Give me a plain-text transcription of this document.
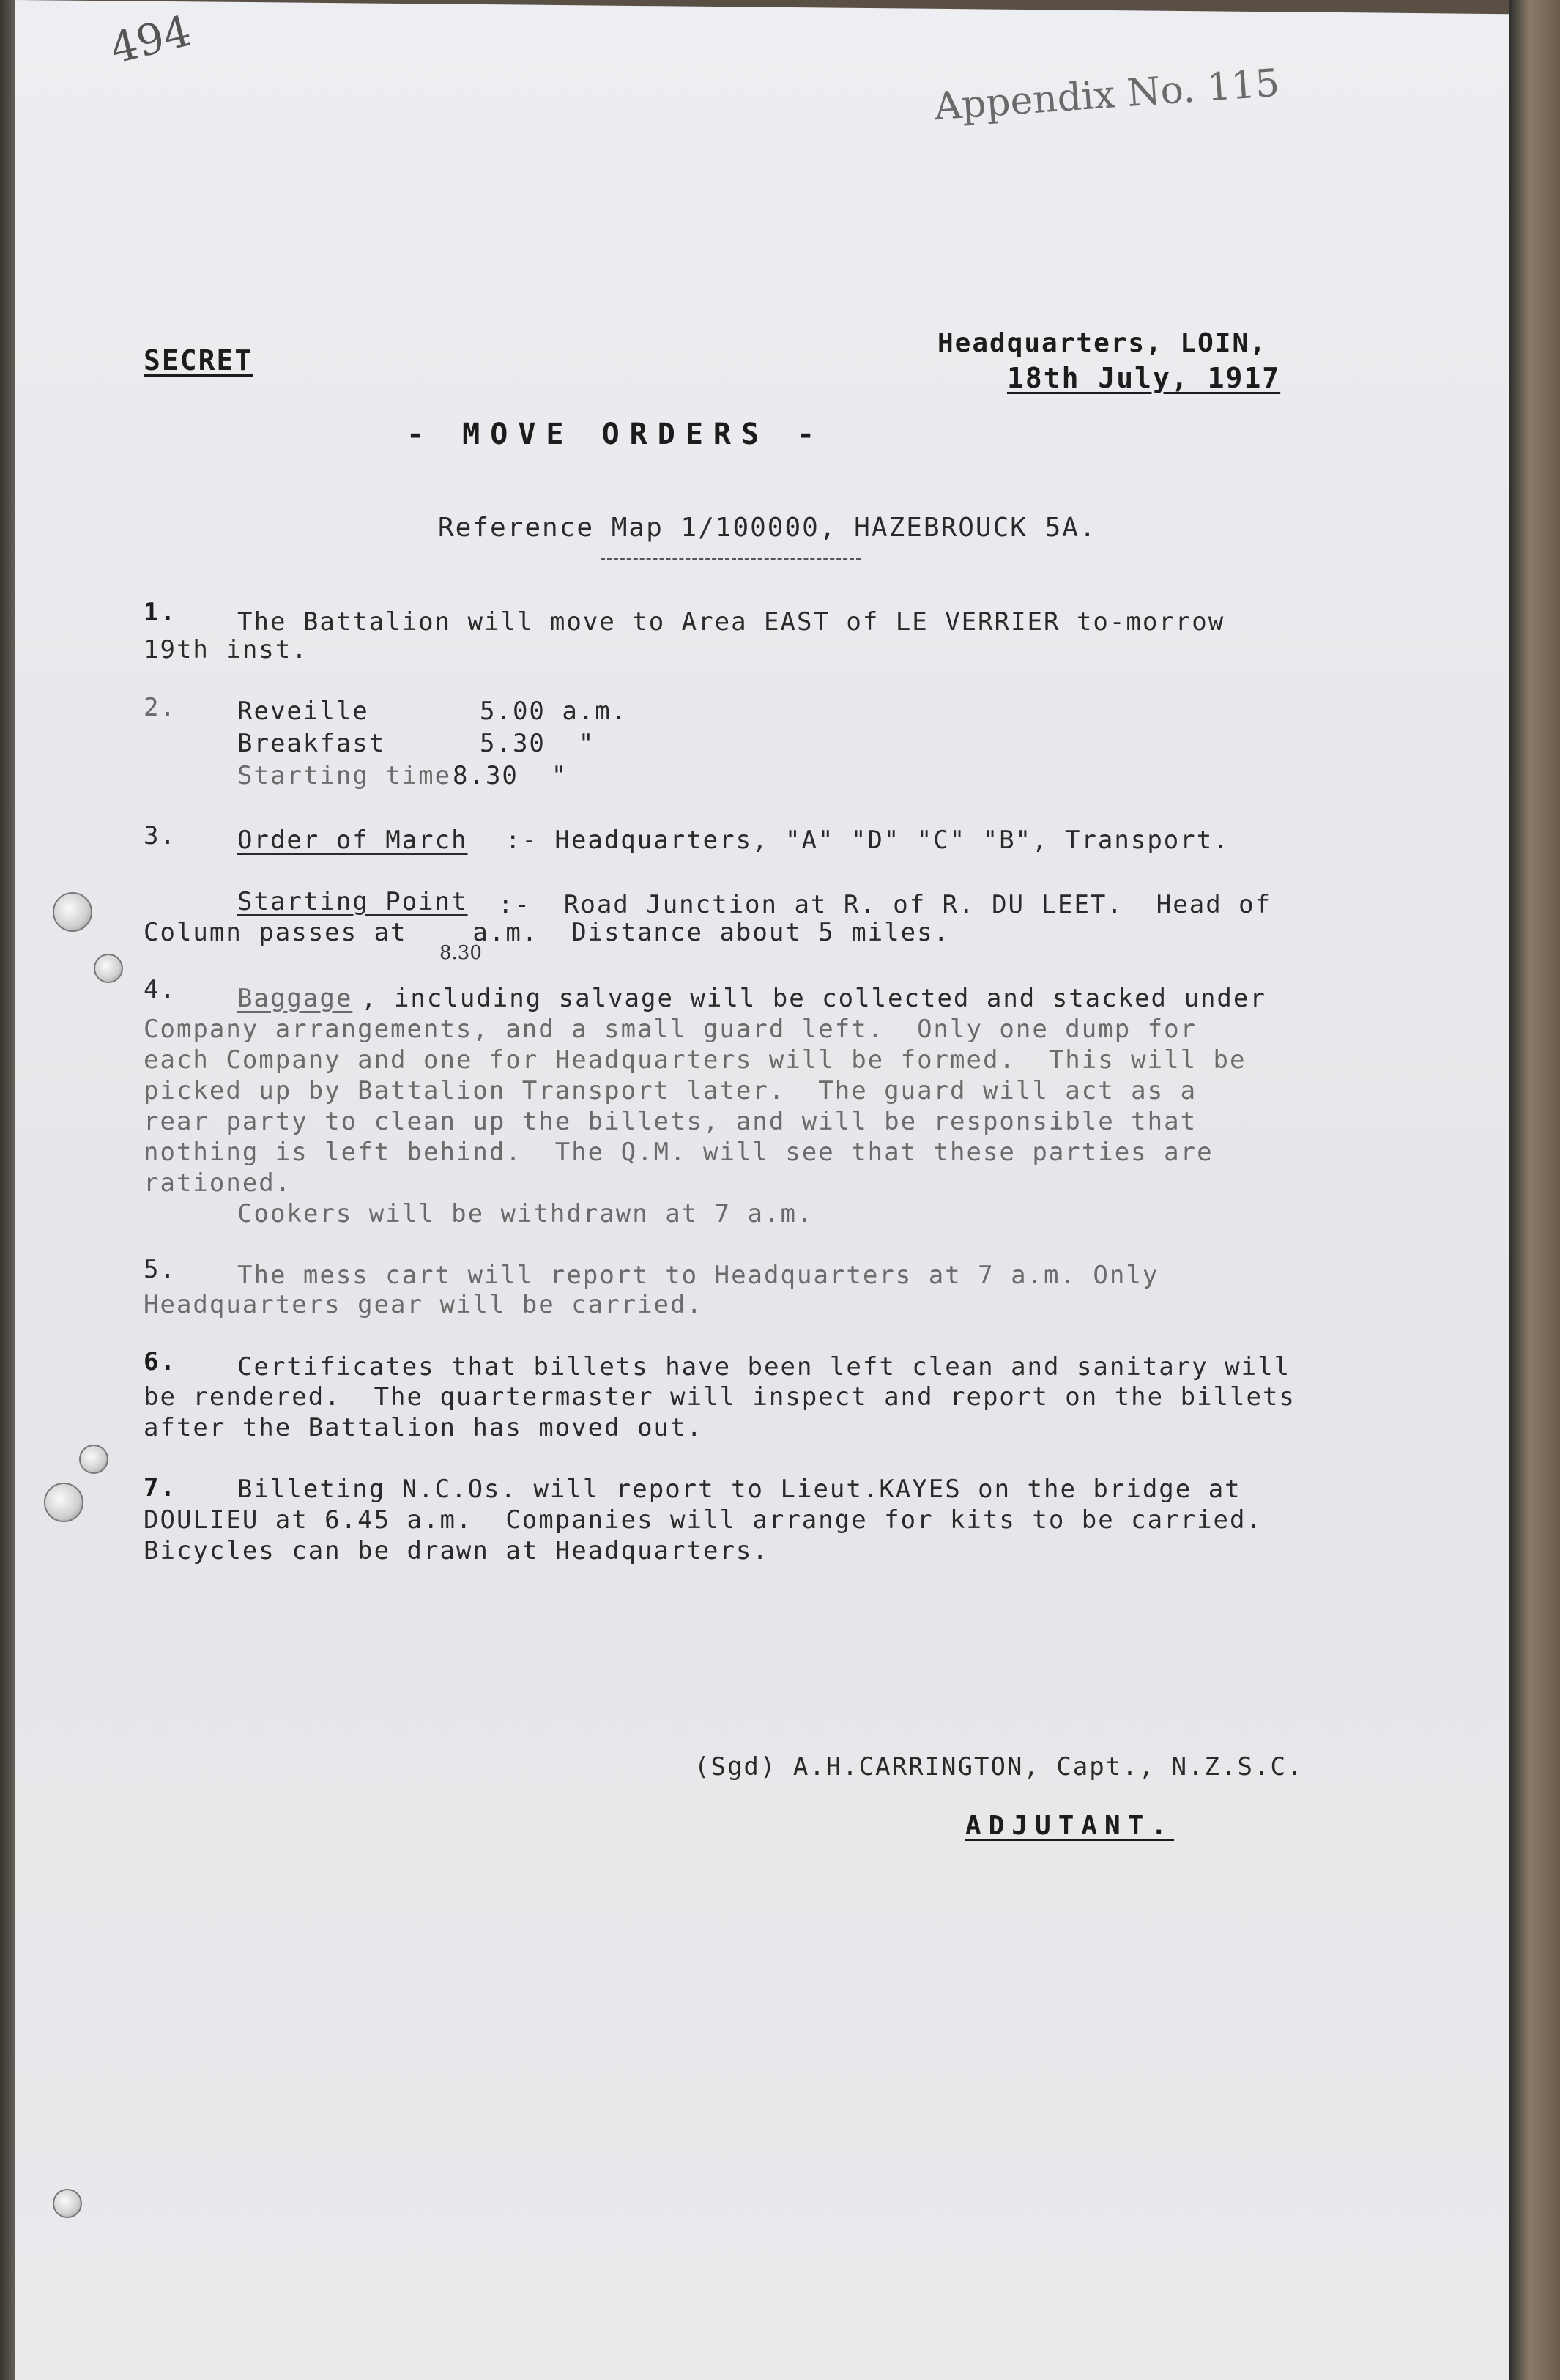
494
Appendix No. 115
SECRET
Headquarters, LOIN,
18th July, 1917
- MOVE ORDERS -
Reference Map 1/100000, HAZEBROUCK 5A.
1. The Battalion will move to Area EAST of LE VERRIER to-morrow
19th inst.
2. Reveille	5.00 a.m.
Breakfast	5.30  "
Starting time 8.30  "
3. Order of March :- Headquarters, "A" "D" "C" "B", Transport.
Starting Point :-  Road Junction at R. of R. DU LEET.  Head of
Column passes at    a.m.  Distance about 5 miles.
8.30
4. Baggage , including salvage will be collected and stacked under
Company arrangements, and a small guard left.  Only one dump for
each Company and one for Headquarters will be formed.  This will be
picked up by Battalion Transport later.  The guard will act as a
rear party to clean up the billets, and will be responsible that
nothing is left behind.  The Q.M. will see that these parties are
rationed.
Cookers will be withdrawn at 7 a.m.
5. The mess cart will report to Headquarters at 7 a.m. Only
Headquarters gear will be carried.
6. Certificates that billets have been left clean and sanitary will
be rendered.  The quartermaster will inspect and report on the billets
after the Battalion has moved out.
7. Billeting N.C.Os. will report to Lieut.KAYES on the bridge at
DOULIEU at 6.45 a.m.  Companies will arrange for kits to be carried.
Bicycles can be drawn at Headquarters.
(Sgd) A.H.CARRINGTON, Capt., N.Z.S.C.
ADJUTANT.
